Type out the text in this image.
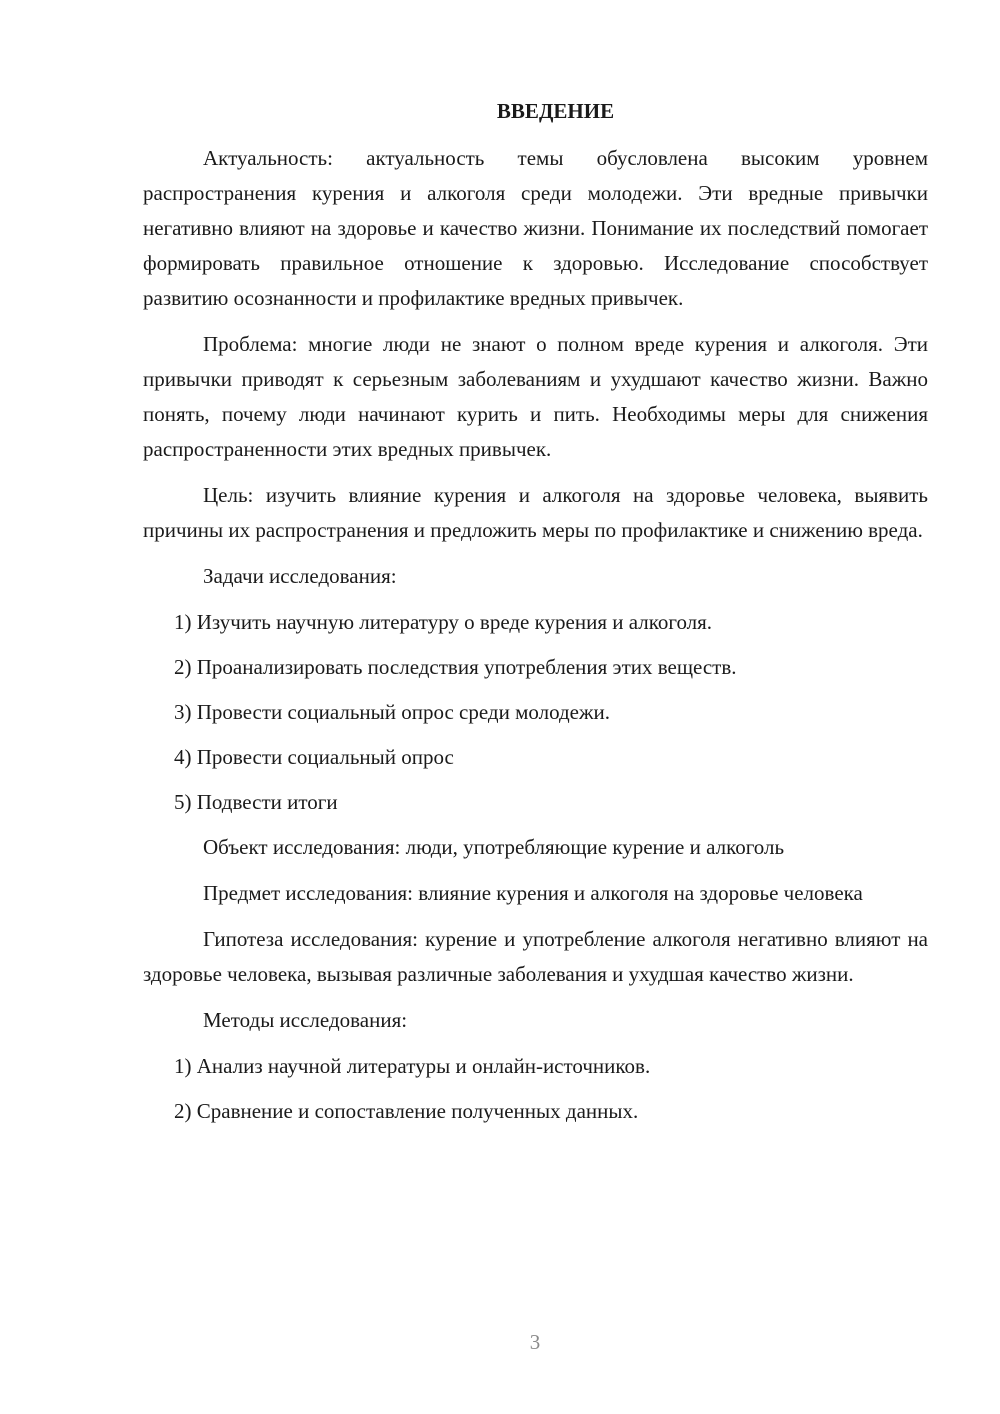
ВВЕДЕНИЕ

Актуальность: актуальность темы обусловлена высоким уровнем распространения курения и алкоголя среди молодежи. Эти вредные привычки негативно влияют на здоровье и качество жизни. Понимание их последствий помогает формировать правильное отношение к здоровью. Исследование способствует развитию осознанности и профилактике вредных привычек.

Проблема: многие люди не знают о полном вреде курения и алкоголя. Эти привычки приводят к серьезным заболеваниям и ухудшают качество жизни. Важно понять, почему люди начинают курить и пить. Необходимы меры для снижения распространенности этих вредных привычек.

Цель: изучить влияние курения и алкоголя на здоровье человека, выявить причины их распространения и предложить меры по профилактике и снижению вреда.

Задачи исследования:

1) Изучить научную литературу о вреде курения и алкоголя.

2) Проанализировать последствия употребления этих веществ.

3) Провести социальный опрос среди молодежи.

4) Провести социальный опрос

5) Подвести итоги

Объект исследования: люди, употребляющие курение и алкоголь

Предмет исследования: влияние курения и алкоголя на здоровье человека

Гипотеза исследования: курение и употребление алкоголя негативно влияют на здоровье человека, вызывая различные заболевания и ухудшая качество жизни.

Методы исследования:

1) Анализ научной литературы и онлайн-источников.

2) Сравнение и сопоставление полученных данных.

3
